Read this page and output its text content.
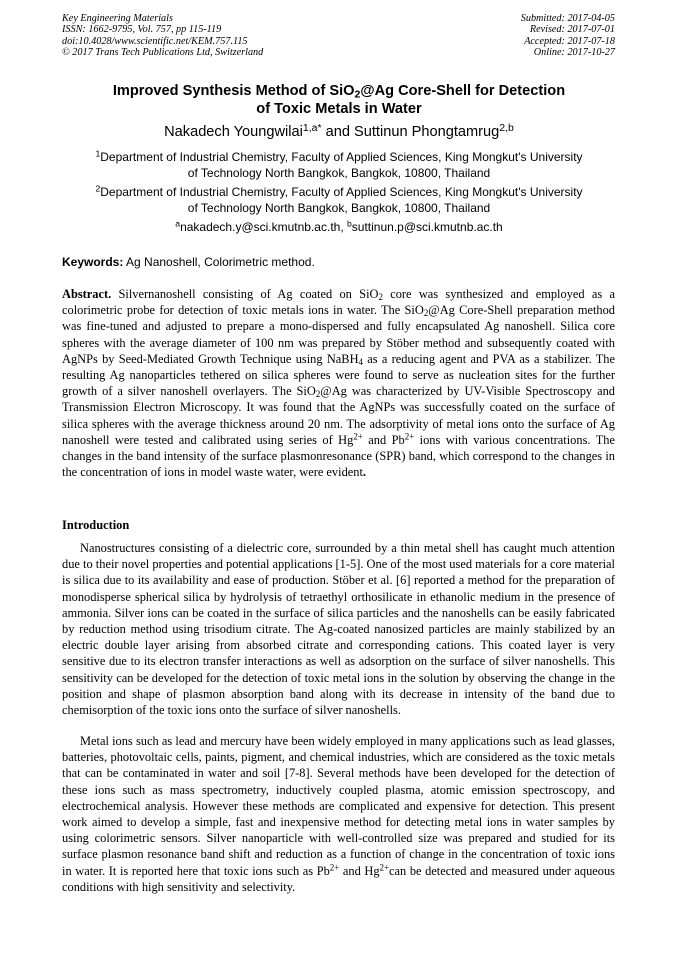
Key Engineering Materials
ISSN: 1662-9795, Vol. 757, pp 115-119
doi:10.4028/www.scientific.net/KEM.757.115
© 2017 Trans Tech Publications Ltd, Switzerland
Submitted: 2017-04-05
Revised: 2017-07-01
Accepted: 2017-07-18
Online: 2017-10-27
Improved Synthesis Method of SiO$_2$@Ag Core-Shell for Detection
of Toxic Metals in Water
Nakadech Youngwilai$^{1,a*}$ and Suttinun Phongtamrug$^{2,b}$
$^1$Department of Industrial Chemistry, Faculty of Applied Sciences, King Mongkut's University
of Technology North Bangkok, Bangkok, 10800, Thailand
$^2$Department of Industrial Chemistry, Faculty of Applied Sciences, King Mongkut's University
of Technology North Bangkok, Bangkok, 10800, Thailand
$^a$nakadech.y@sci.kmutnb.ac.th, $^b$suttinun.p@sci.kmutnb.ac.th
Keywords: Ag Nanoshell, Colorimetric method.

Abstract. Silvernanoshell consisting of Ag coated on SiO$_2$ core was synthesized and employed as a colorimetric probe for detection of toxic metals ions in water. The SiO$_2$@Ag Core-Shell preparation method was fine-tuned and adjusted to prepare a mono-dispersed and fully encapsulated Ag nanoshell. Silica core spheres with the average diameter of 100 nm was prepared by Stöber method and subsequently coated with AgNPs by Seed-Mediated Growth Technique using NaBH$_4$ as a reducing agent and PVA as a stabilizer. The resulting Ag nanoparticles tethered on silica spheres were found to serve as nucleation sites for the further growth of a silver nanoshell overlayers. The SiO$_2$@Ag was characterized by UV-Visible Spectroscopy and Transmission Electron Microscopy. It was found that the AgNPs was successfully coated on the surface of silica spheres with the average thickness around 20 nm. The adsorptivity of metal ions onto the surface of Ag nanoshell were tested and calibrated using series of $Hg^{2+}$ and $Pb^{2+}$ ions with various concentrations. The changes in the band intensity of the surface plasmonresonance (SPR) band, which correspond to the changes in the concentration of ions in model waste water, were evident.

Introduction

Nanostructures consisting of a dielectric core, surrounded by a thin metal shell has caught much attention due to their novel properties and potential applications [1-5]. One of the most used materials for a core material is silica due to its availability and ease of production. Stöber et al. [6] reported a method for the preparation of monodisperse spherical silica by hydrolysis of tetraethyl orthosilicate in ethanolic medium in the presence of ammonia. Silver ions can be coated in the surface of silica particles and the nanoshells can be easily fabricated by reduction method using trisodium citrate. The Ag-coated nanosized particles are mainly stabilized by an electric double layer arising from absorbed citrate and corresponding cations. This coated layer is very sensitive due to its electron transfer interactions as well as adsorption on the surface of silver nanoshells. This sensitivity can be developed for the detection of toxic metal ions in the solution by observing the change in the position and shape of plasmon absorption band along with its decrease in intensity of the band due to chemisorption of the toxic ions onto the surface of silver nanoshells.

Metal ions such as lead and mercury have been widely employed in many applications such as lead glasses, batteries, photovoltaic cells, paints, pigment, and chemical industries, which are considered as the toxic metals that can be contaminated in water and soil [7-8]. Several methods have been developed for the detection of these ions such as mass spectrometry, inductively coupled plasma, atomic emission spectroscopy, and electrochemical analysis. However these methods are complicated and expensive for detection. This present work aimed to develop a simple, fast and inexpensive method for detecting metal ions in water samples by using colorimetric sensors. Silver nanoparticle with well-controlled size was prepared and studied for its surface plasmon resonance band shift and reduction as a function of change in the concentration of toxic ions in water. It is reported here that toxic ions such as $Pb^{2+}$ and $Hg^{2+}can$ be detected and measured under aqueous conditions with high sensitivity and selectivity.
